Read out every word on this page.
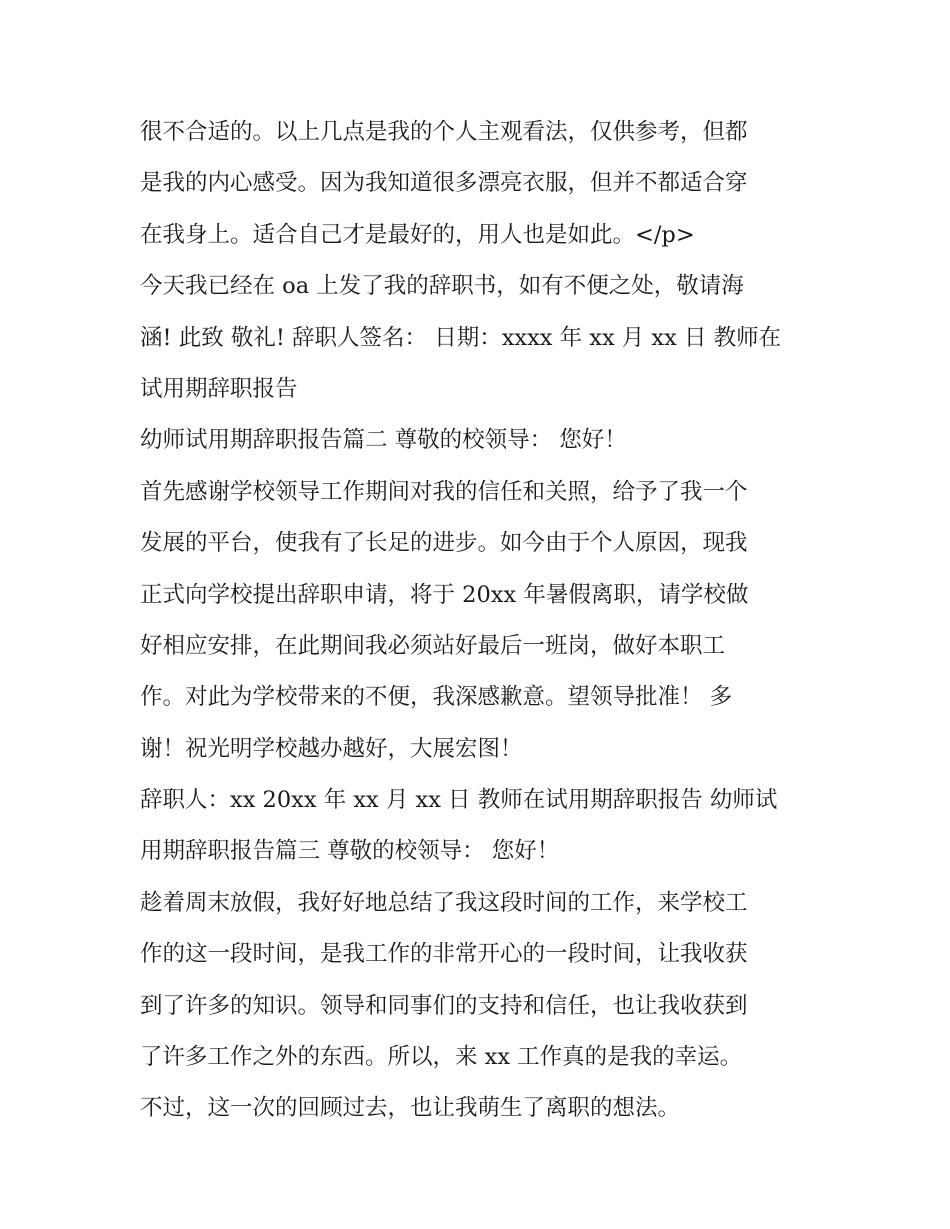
很不合适的。以上几点是我的个人主观看法，仅供参考，但都
是我的内心感受。因为我知道很多漂亮衣服，但并不都适合穿
在我身上。适合自己才是最好的，用人也是如此。</p>
今天我已经在 oa 上发了我的辞职书，如有不便之处，敬请海
涵! 此致 敬礼! 辞职人签名： 日期：xxxx 年 xx 月 xx 日 教师在
试用期辞职报告
幼师试用期辞职报告篇二 尊敬的校领导： 您好！
首先感谢学校领导工作期间对我的信任和关照，给予了我一个
发展的平台，使我有了长足的进步。如今由于个人原因，现我
正式向学校提出辞职申请，将于 20xx 年暑假离职，请学校做
好相应安排，在此期间我必须站好最后一班岗，做好本职工
作。对此为学校带来的不便，我深感歉意。望领导批准！ 多
谢！祝光明学校越办越好，大展宏图！
辞职人：xx 20xx 年 xx 月 xx 日 教师在试用期辞职报告 幼师试
用期辞职报告篇三 尊敬的校领导： 您好！
趁着周末放假，我好好地总结了我这段时间的工作，来学校工
作的这一段时间，是我工作的非常开心的一段时间，让我收获
到了许多的知识。领导和同事们的支持和信任，也让我收获到
了许多工作之外的东西。所以，来 xx 工作真的是我的幸运。
不过，这一次的回顾过去，也让我萌生了离职的想法。
